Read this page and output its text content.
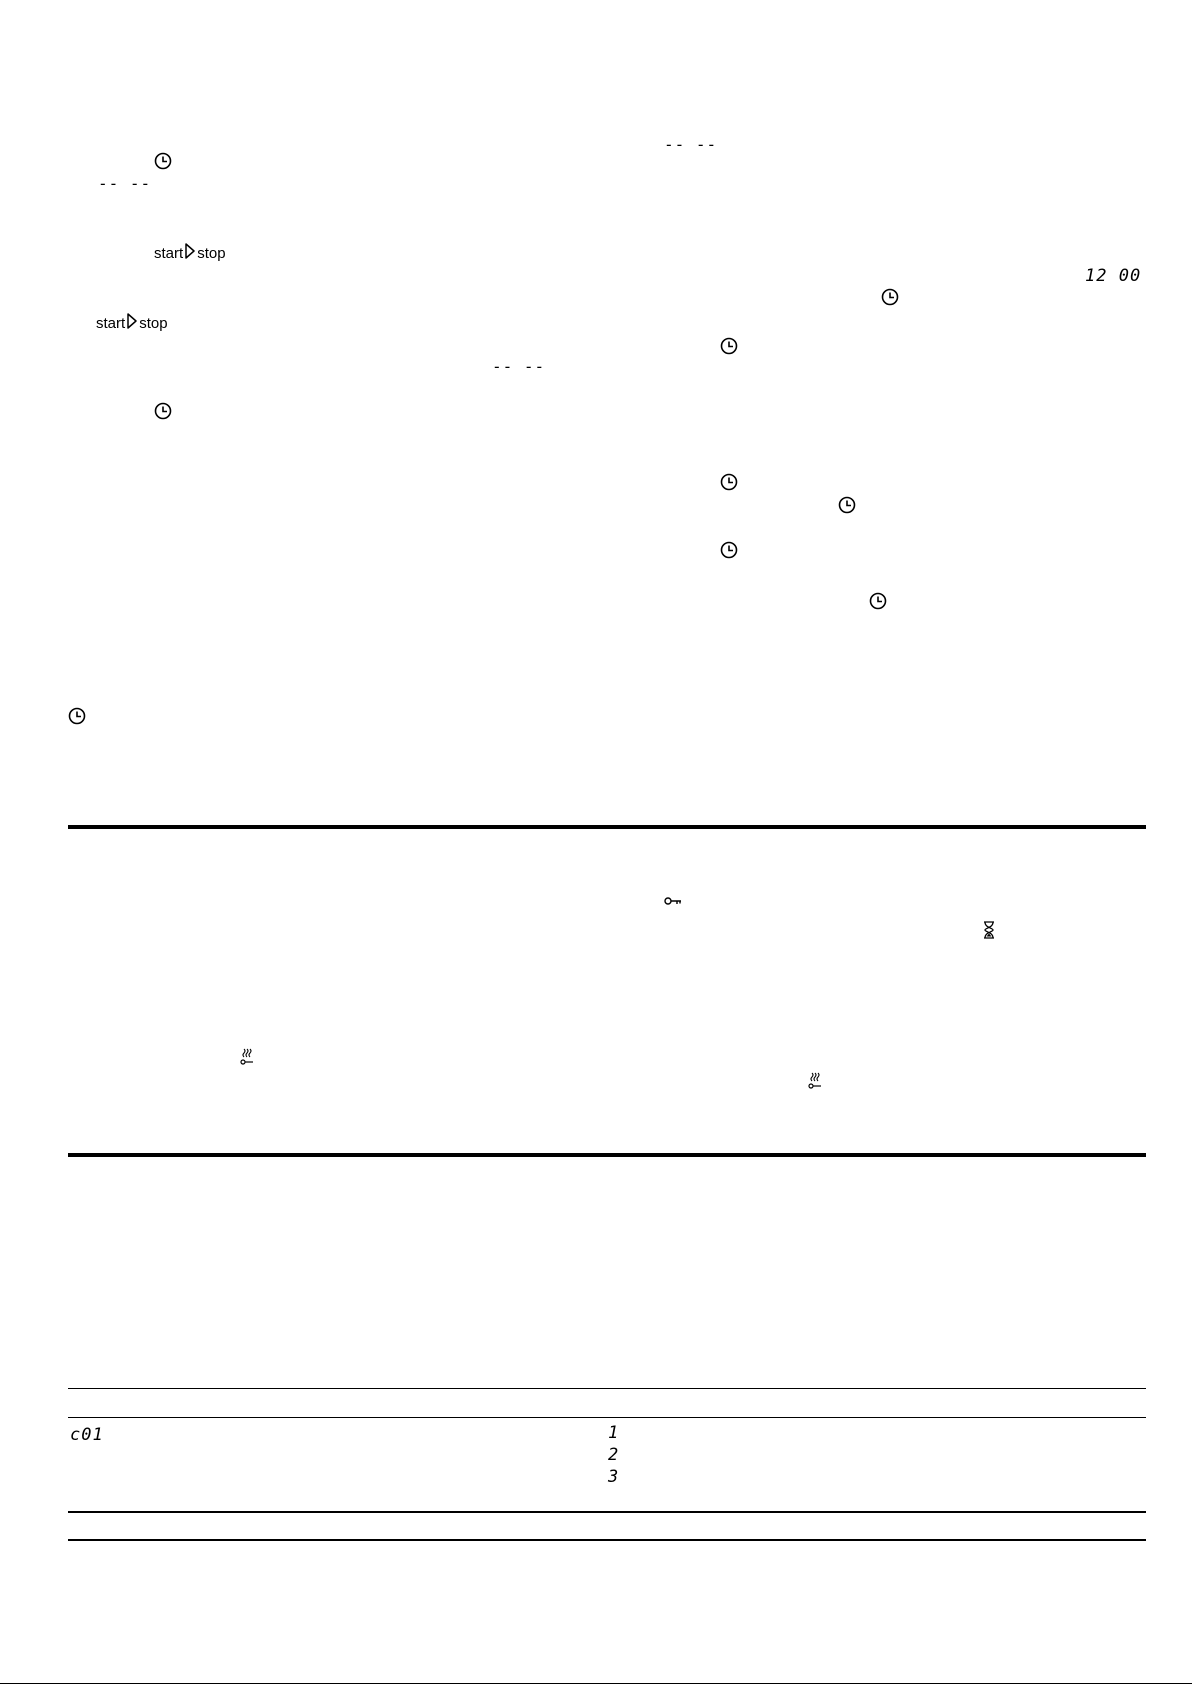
-- --
start stop
start stop
-- --
-- --
12 00
c01	1
2
3
